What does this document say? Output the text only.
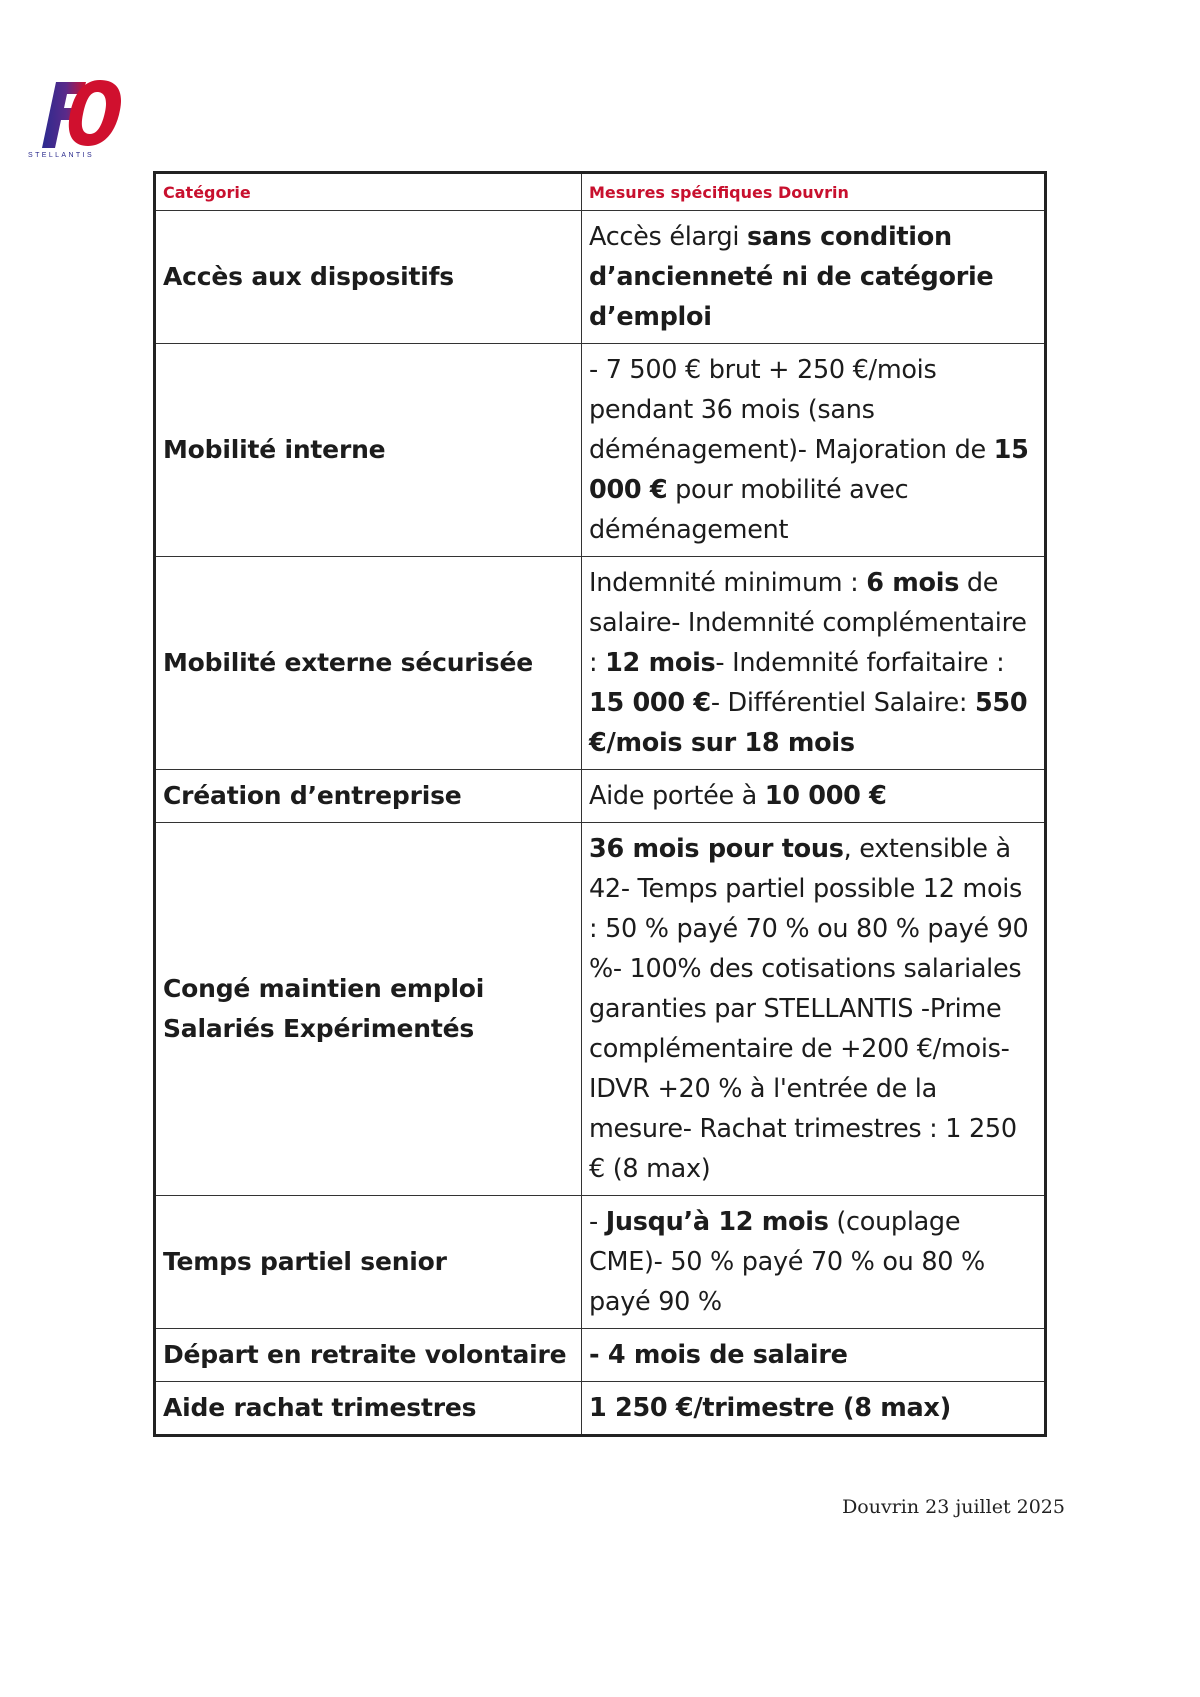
STELLANTIS
Catégorie	Mesures spécifiques Douvrin
Accès aux dispositifs	Accès élargi sans condition d’ancienneté ni de catégorie d’emploi
Mobilité interne	- 7 500 € brut + 250 €/mois pendant 36 mois (sans déménagement)- Majoration de 15 000 € pour mobilité avec déménagement
Mobilité externe sécurisée	Indemnité minimum : 6 mois de salaire- Indemnité complémentaire : 12 mois- Indemnité forfaitaire : 15 000 €- Différentiel Salaire: 550 €/mois sur 18 mois
Création d’entreprise	Aide portée à 10 000 €
Congé maintien emploi Salariés Expérimentés	36 mois pour tous, extensible à 42- Temps partiel possible 12 mois : 50 % payé 70 % ou 80 % payé 90 %- 100% des cotisations salariales garanties par STELLANTIS -Prime complémentaire de +200 €/mois- IDVR +20 % à l'entrée de la mesure- Rachat trimestres : 1 250 € (8 max)
Temps partiel senior	- Jusqu’à 12 mois (couplage CME)- 50 % payé 70 % ou 80 % payé 90 %
Départ en retraite volontaire	- 4 mois de salaire
Aide rachat trimestres	1 250 €/trimestre (8 max)
Douvrin 23 juillet 2025
